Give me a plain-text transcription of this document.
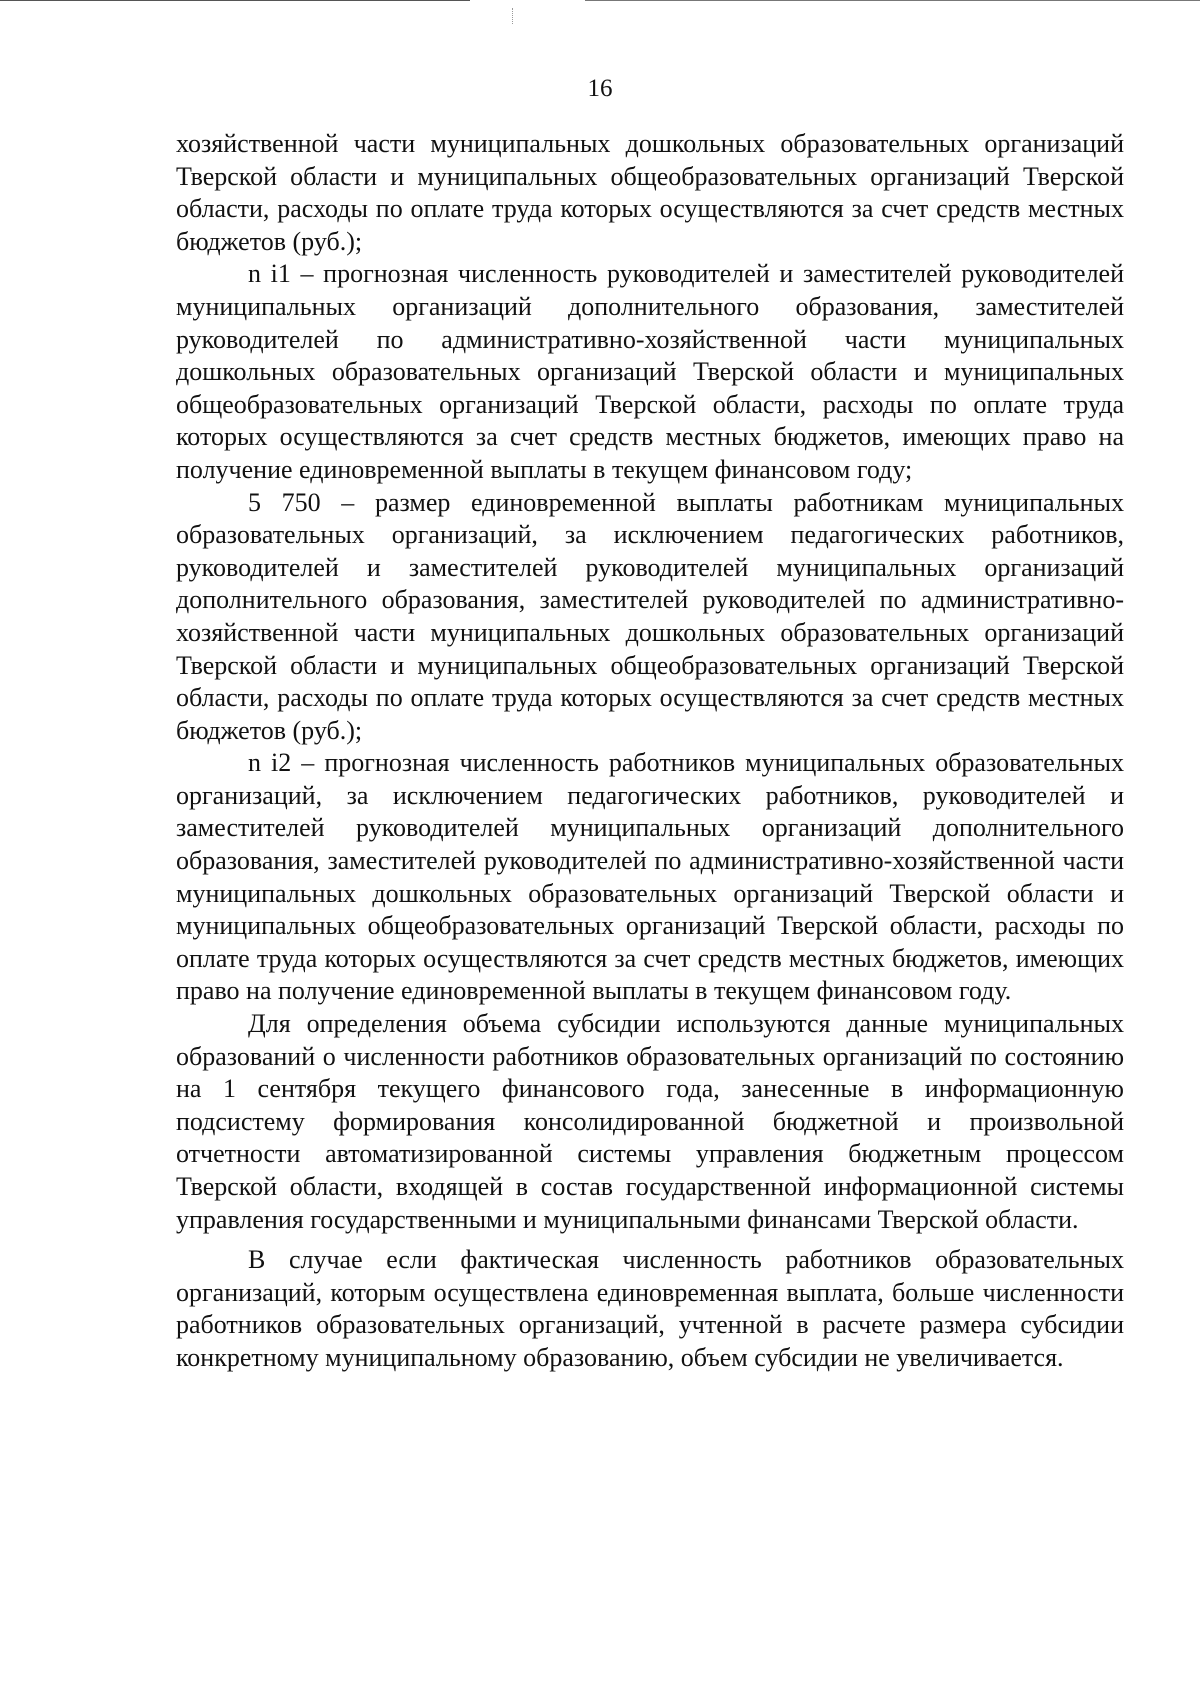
16

хозяйственной части муниципальных дошкольных образовательных организаций Тверской области и муниципальных общеобразовательных организаций Тверской области, расходы по оплате труда которых осуществляются за счет средств местных бюджетов (руб.);

n i1 – прогнозная численность руководителей и заместителей руководителей муниципальных организаций дополнительного образования, заместителей руководителей по административно-хозяйственной части муниципальных дошкольных образовательных организаций Тверской области и муниципальных общеобразовательных организаций Тверской области, расходы по оплате труда которых осуществляются за счет средств местных бюджетов, имеющих право на получение единовременной выплаты в текущем финансовом году;

5 750 – размер единовременной выплаты работникам муниципальных образовательных организаций, за исключением педагогических работников, руководителей и заместителей руководителей муниципальных организаций дополнительного образования, заместителей руководителей по административно-хозяйственной части муниципальных дошкольных образовательных организаций Тверской области и муниципальных общеобразовательных организаций Тверской области, расходы по оплате труда которых осуществляются за счет средств местных бюджетов (руб.);

n i2 – прогнозная численность работников муниципальных образовательных организаций, за исключением педагогических работников, руководителей и заместителей руководителей муниципальных организаций дополнительного образования, заместителей руководителей по административно-хозяйственной части муниципальных дошкольных образовательных организаций Тверской области и муниципальных общеобразовательных организаций Тверской области, расходы по оплате труда которых осуществляются за счет средств местных бюджетов, имеющих право на получение единовременной выплаты в текущем финансовом году.

Для определения объема субсидии используются данные муниципальных образований о численности работников образовательных организаций по состоянию на 1 сентября текущего финансового года, занесенные в информационную подсистему формирования консолидированной бюджетной и произвольной отчетности автоматизированной системы управления бюджетным процессом Тверской области, входящей в состав государственной информационной системы управления государственными и муниципальными финансами Тверской области.

В случае если фактическая численность работников образовательных организаций, которым осуществлена единовременная выплата, больше численности работников образовательных организаций, учтенной в расчете размера субсидии конкретному муниципальному образованию, объем субсидии не увеличивается.
